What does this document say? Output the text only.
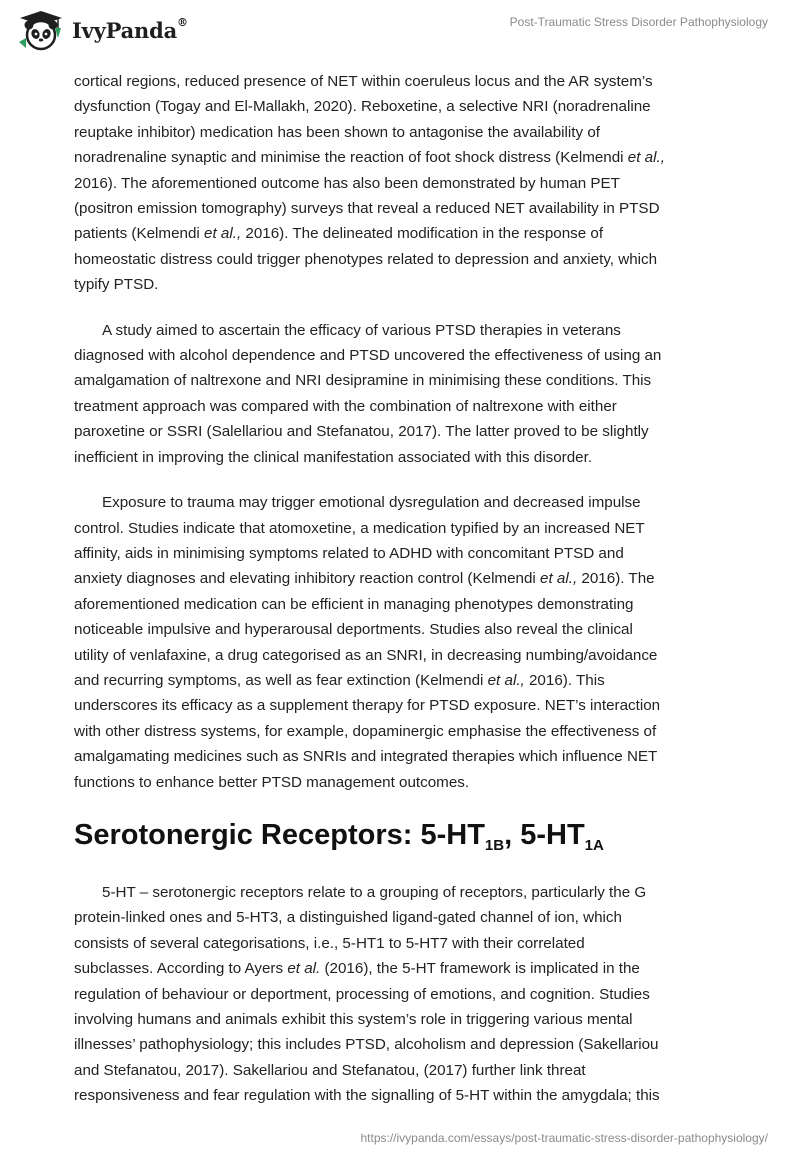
IvyPanda®	Post-Traumatic Stress Disorder Pathophysiology

cortical regions, reduced presence of NET within coeruleus locus and the AR system’s
dysfunction (Togay and El-Mallakh, 2020). Reboxetine, a selective NRI (noradrenaline
reuptake inhibitor) medication has been shown to antagonise the availability of
noradrenaline synaptic and minimise the reaction of foot shock distress (Kelmendi et al.,
2016). The aforementioned outcome has also been demonstrated by human PET
(positron emission tomography) surveys that reveal a reduced NET availability in PTSD
patients (Kelmendi et al., 2016). The delineated modification in the response of
homeostatic distress could trigger phenotypes related to depression and anxiety, which
typify PTSD.

A study aimed to ascertain the efficacy of various PTSD therapies in veterans
diagnosed with alcohol dependence and PTSD uncovered the effectiveness of using an
amalgamation of naltrexone and NRI desipramine in minimising these conditions. This
treatment approach was compared with the combination of naltrexone with either
paroxetine or SSRI (Salellariou and Stefanatou, 2017). The latter proved to be slightly
inefficient in improving the clinical manifestation associated with this disorder.

Exposure to trauma may trigger emotional dysregulation and decreased impulse
control. Studies indicate that atomoxetine, a medication typified by an increased NET
affinity, aids in minimising symptoms related to ADHD with concomitant PTSD and
anxiety diagnoses and elevating inhibitory reaction control (Kelmendi et al., 2016). The
aforementioned medication can be efficient in managing phenotypes demonstrating
noticeable impulsive and hyperarousal deportments. Studies also reveal the clinical
utility of venlafaxine, a drug categorised as an SNRI, in decreasing numbing/avoidance
and recurring symptoms, as well as fear extinction (Kelmendi et al., 2016). This
underscores its efficacy as a supplement therapy for PTSD exposure. NET’s interaction
with other distress systems, for example, dopaminergic emphasise the effectiveness of
amalgamating medicines such as SNRIs and integrated therapies which influence NET
functions to enhance better PTSD management outcomes.

Serotonergic Receptors: $5-HT_{1B}$, $5-HT_{1A}$

5-HT – serotonergic receptors relate to a grouping of receptors, particularly the G
protein-linked ones and 5-HT3, a distinguished ligand-gated channel of ion, which
consists of several categorisations, i.e., 5-HT1 to 5-HT7 with their correlated
subclasses. According to Ayers et al. (2016), the 5-HT framework is implicated in the
regulation of behaviour or deportment, processing of emotions, and cognition. Studies
involving humans and animals exhibit this system’s role in triggering various mental
illnesses’ pathophysiology; this includes PTSD, alcoholism and depression (Sakellariou
and Stefanatou, 2017). Sakellariou and Stefanatou, (2017) further link threat
responsiveness and fear regulation with the signalling of 5-HT within the amygdala; this

https://ivypanda.com/essays/post-traumatic-stress-disorder-pathophysiology/
